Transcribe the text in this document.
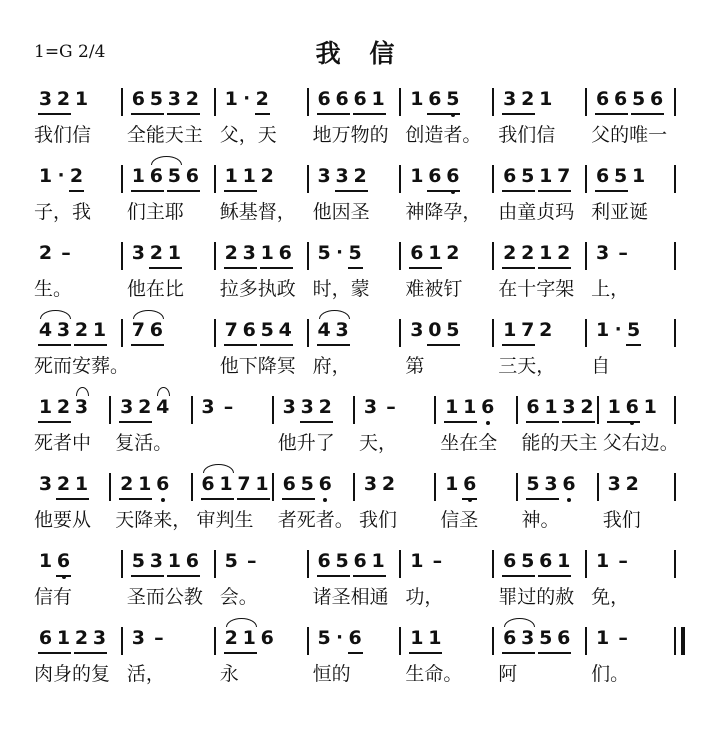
1=G 2/4	我 信
3 2 1 6 5 3 2 1 · 2	6 6 6 1 1 6 5 3 2 1 6 6 5 6
我们信 全能天主 父，天 地万物的 创造者。 我们信 父的唯一
1 · 2	1 6 5 6 1 1 2 3 3 2 1 6 6 6 5 1 7 6 5 1
子，我 们主耶 稣基督， 他因圣 神降孕， 由童贞玛 利亚诞
2 –	3 2 1 2 3 1 6 5 · 5	6 1 2 2 2 1 2 3 –
生。	他在比 拉多执政 时，蒙 难被钉 在十字架 上，
4 3 2 1 7 6	7 6 5 4 4 3	3 0 5 1 7 2 1 · 5
死而安葬。	他下降冥 府，	第	三天， 自
1 2 3 3 2 4 3 –	3 3 2 3 –	1 1 6 6 1 3 2 1 6 1
死者中 复活。	他升了 天， 坐在全 能的天主 父右边。
3 2 1 2 1 6 6 1 7 1 6 5 6 3 2	1 6	5 3 6 3 2
他要从 天降来， 审判生 者死者。 我们 信圣 神。 我们
1 6	5 3 1 6 5 –	6 5 6 1 1 –	6 5 6 1 1 –
信有	圣而公教 会。	诸圣相通 功，	罪过的赦 免，
6 1 2 3 3 –	2 1 6 5 · 6	1 1	6 3 5 6 1 –
肉身的复 活，	永	恒的	生命。 阿	们。
